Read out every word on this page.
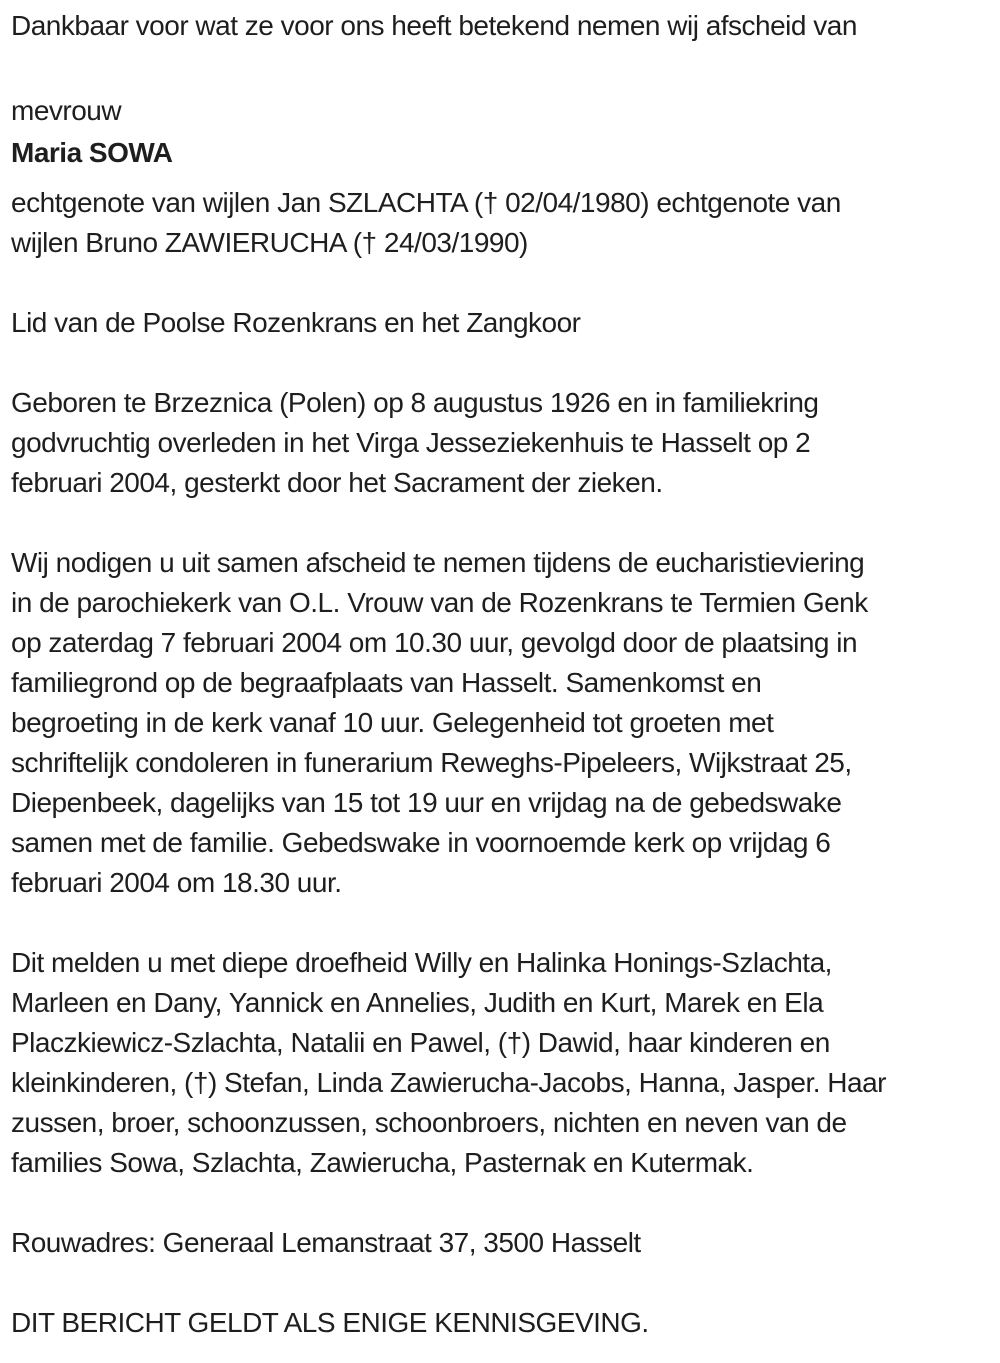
Dankbaar voor wat ze voor ons heeft betekend nemen wij afscheid van

mevrouw

Maria SOWA

echtgenote van wijlen Jan SZLACHTA († 02/04/1980) echtgenote van
wijlen Bruno ZAWIERUCHA († 24/03/1990)

Lid van de Poolse Rozenkrans en het Zangkoor

Geboren te Brzeznica (Polen) op 8 augustus 1926 en in familiekring
godvruchtig overleden in het Virga Jesseziekenhuis te Hasselt op 2
februari 2004, gesterkt door het Sacrament der zieken.

Wij nodigen u uit samen afscheid te nemen tijdens de eucharistieviering
in de parochiekerk van O.L. Vrouw van de Rozenkrans te Termien Genk
op zaterdag 7 februari 2004 om 10.30 uur, gevolgd door de plaatsing in
familiegrond op de begraafplaats van Hasselt. Samenkomst en
begroeting in de kerk vanaf 10 uur. Gelegenheid tot groeten met
schriftelijk condoleren in funerarium Reweghs-Pipeleers, Wijkstraat 25,
Diepenbeek, dagelijks van 15 tot 19 uur en vrijdag na de gebedswake
samen met de familie. Gebedswake in voornoemde kerk op vrijdag 6
februari 2004 om 18.30 uur.

Dit melden u met diepe droefheid Willy en Halinka Honings-Szlachta,
Marleen en Dany, Yannick en Annelies, Judith en Kurt, Marek en Ela
Placzkiewicz-Szlachta, Natalii en Pawel, (†) Dawid, haar kinderen en
kleinkinderen, (†) Stefan, Linda Zawierucha-Jacobs, Hanna, Jasper. Haar
zussen, broer, schoonzussen, schoonbroers, nichten en neven van de
families Sowa, Szlachta, Zawierucha, Pasternak en Kutermak.

Rouwadres: Generaal Lemanstraat 37, 3500 Hasselt

DIT BERICHT GELDT ALS ENIGE KENNISGEVING.
